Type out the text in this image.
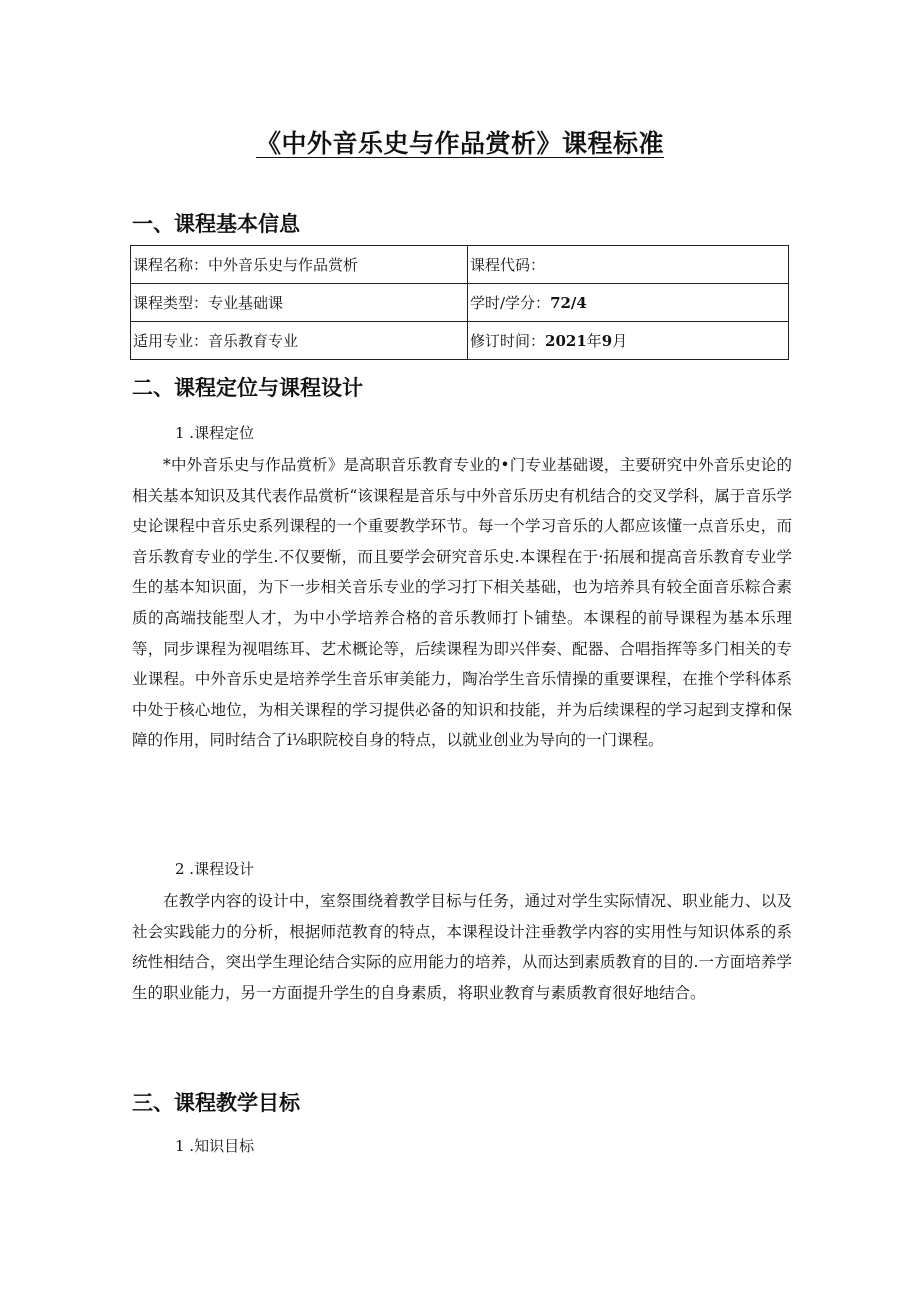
《中外音乐史与作品赏析》课程标准
一、课程基本信息
课程名称：中外音乐史与作品赏析	课程代码：
课程类型：专业基础课	学时/学分：72/4
适用专业：音乐教育专业	修订时间：2021年9月
二、课程定位与课程设计
1 .课程定位
*中外音乐史与作品赏析》是高职音乐教育专业的•门专业基础谡，主要研究中外音乐史论的相关基本知识及其代表作品赏析“该课程是音乐与中外音乐历史有机结合的交叉学科，属于音乐学史论课程中音乐史系列课程的一个重要教学环节。每一个学习音乐的人都应该懂一点音乐史，而音乐教育专业的学生.不仅要惭，而且要学会研究音乐史.本课程在于·拓展和提高音乐教育专业学生的基本知识面，为下一步相关音乐专业的学习打下相关基础，也为培养具有较全面音乐粽合素质的高端技能型人才，为中小学培养合格的音乐教师打卜铺垫。本课程的前导课程为基本乐理等，同步课程为视唱练耳、艺术概论等，后续课程为即兴伴奏、配器、合唱指挥等多门相关的专业课程。中外音乐史是培养学生音乐审美能力，陶冶学生音乐情操的重要课程，在推个学科体系中处于核心地位，为相关课程的学习提供必备的知识和技能，并为后续课程的学习起到支撑和保障的作用，同时结合了i⅛职院校自身的特点，以就业创业为导向的一门课程。
2 .课程设计
在教学内容的设计中，室祭围绕着教学目标与任务，通过对学生实际情况、职业能力、以及社会实践能力的分析，根据师范教育的特点，本课程设计注垂教学内容的实用性与知识体系的系统性相结合，突出学生理论结合实际的应用能力的培养，从而达到素质教育的目的.一方面培养学生的职业能力，另一方面提升学生的自身素质，将职业教育与素质教育很好地结合。
三、课程教学目标
1 .知识目标
